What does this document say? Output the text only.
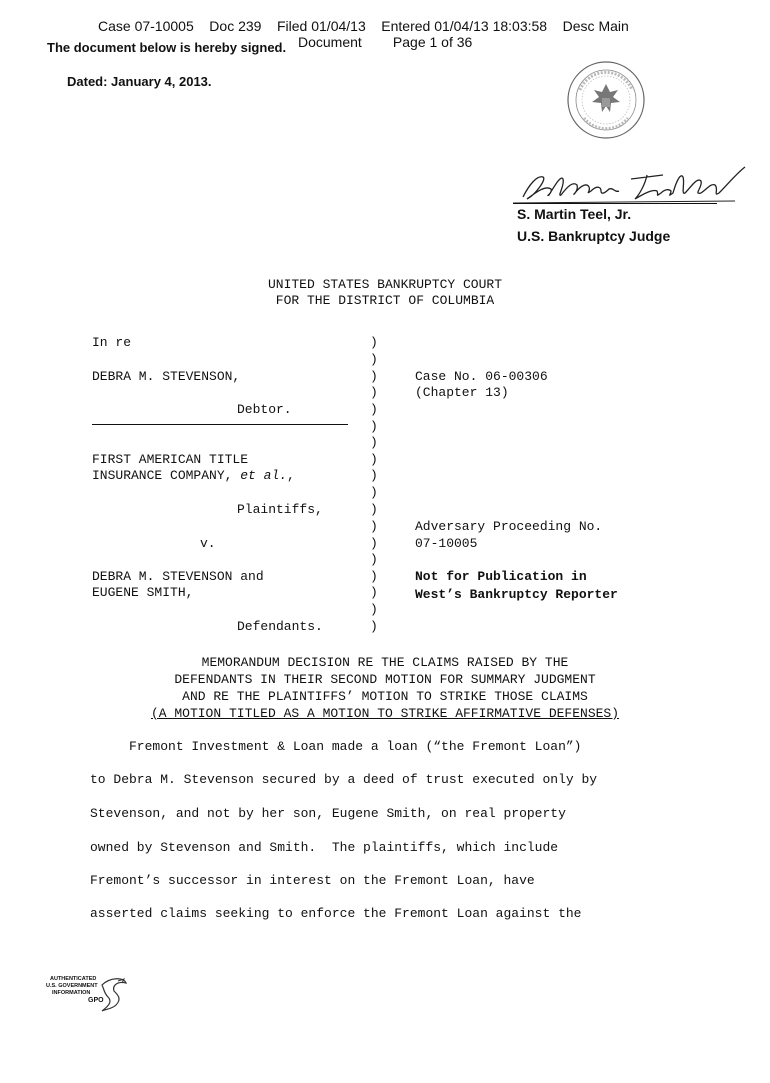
Case 07-10005    Doc 239    Filed 01/04/13    Entered 01/04/13 18:03:58    Desc Main
Document        Page 1 of 36
The document below is hereby signed.
Dated: January 4, 2013.
S. Martin Teel, Jr.
U.S. Bankruptcy Judge
UNITED STATES BANKRUPTCY COURT
FOR THE DISTRICT OF COLUMBIA
In re
DEBRA M. STEVENSON,
Debtor.
FIRST AMERICAN TITLE
INSURANCE COMPANY, et al.,
Plaintiffs,
v.
DEBRA M. STEVENSON and
EUGENE SMITH,
Defendants.
)
)
)
)
)
)
)
)
)
)
)
)
)
)
)
)
)
)
Case No. 06-00306
(Chapter 13)
Adversary Proceeding No.
07-10005
Not for Publication in
West’s Bankruptcy Reporter
MEMORANDUM DECISION RE THE CLAIMS RAISED BY THE
DEFENDANTS IN THEIR SECOND MOTION FOR SUMMARY JUDGMENT
AND RE THE PLAINTIFFS’ MOTION TO STRIKE THOSE CLAIMS
(A MOTION TITLED AS A MOTION TO STRIKE AFFIRMATIVE DEFENSES)
Fremont Investment & Loan made a loan (“the Fremont Loan”)
to Debra M. Stevenson secured by a deed of trust executed only by
Stevenson, and not by her son, Eugene Smith, on real property
owned by Stevenson and Smith.  The plaintiffs, which include
Fremont’s successor in interest on the Fremont Loan, have
asserted claims seeking to enforce the Fremont Loan against the

AUTHENTICATED

U.S. GOVERNMENT

INFORMATION

GPO
